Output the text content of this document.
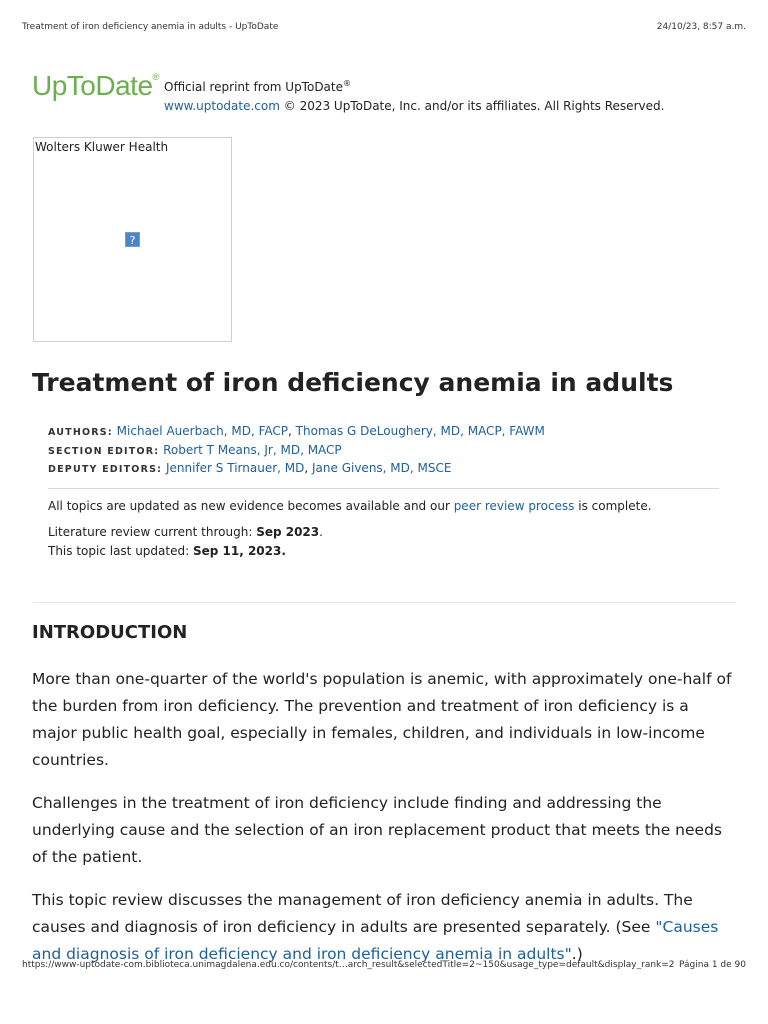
Treatment of iron deficiency anemia in adults - UpToDate	24/10/23, 8:57 a.m.
UpToDate®
Official reprint from UpToDate®
www.uptodate.com © 2023 UpToDate, Inc. and/or its affiliates. All Rights Reserved.
Wolters Kluwer Health
?
Treatment of iron deficiency anemia in adults
AUTHORS: Michael Auerbach, MD, FACP, Thomas G DeLoughery, MD, MACP, FAWM
SECTION EDITOR: Robert T Means, Jr, MD, MACP
DEPUTY EDITORS: Jennifer S Tirnauer, MD, Jane Givens, MD, MSCE

All topics are updated as new evidence becomes available and our peer review process is complete.

Literature review current through: Sep 2023.

This topic last updated: Sep 11, 2023.

INTRODUCTION

More than one-quarter of the world's population is anemic, with approximately one-half of the burden from iron deficiency. The prevention and treatment of iron deficiency is a major public health goal, especially in females, children, and individuals in low-income countries.

Challenges in the treatment of iron deficiency include finding and addressing the underlying cause and the selection of an iron replacement product that meets the needs of the patient.

This topic review discusses the management of iron deficiency anemia in adults. The causes and diagnosis of iron deficiency in adults are presented separately. (See "Causes and diagnosis of iron deficiency and iron deficiency anemia in adults".)

https://www-uptodate-com.biblioteca.unimagdalena.edu.co/contents/t…arch_result&selectedTitle=2~150&usage_type=default&display_rank=2 Página 1 de 90
